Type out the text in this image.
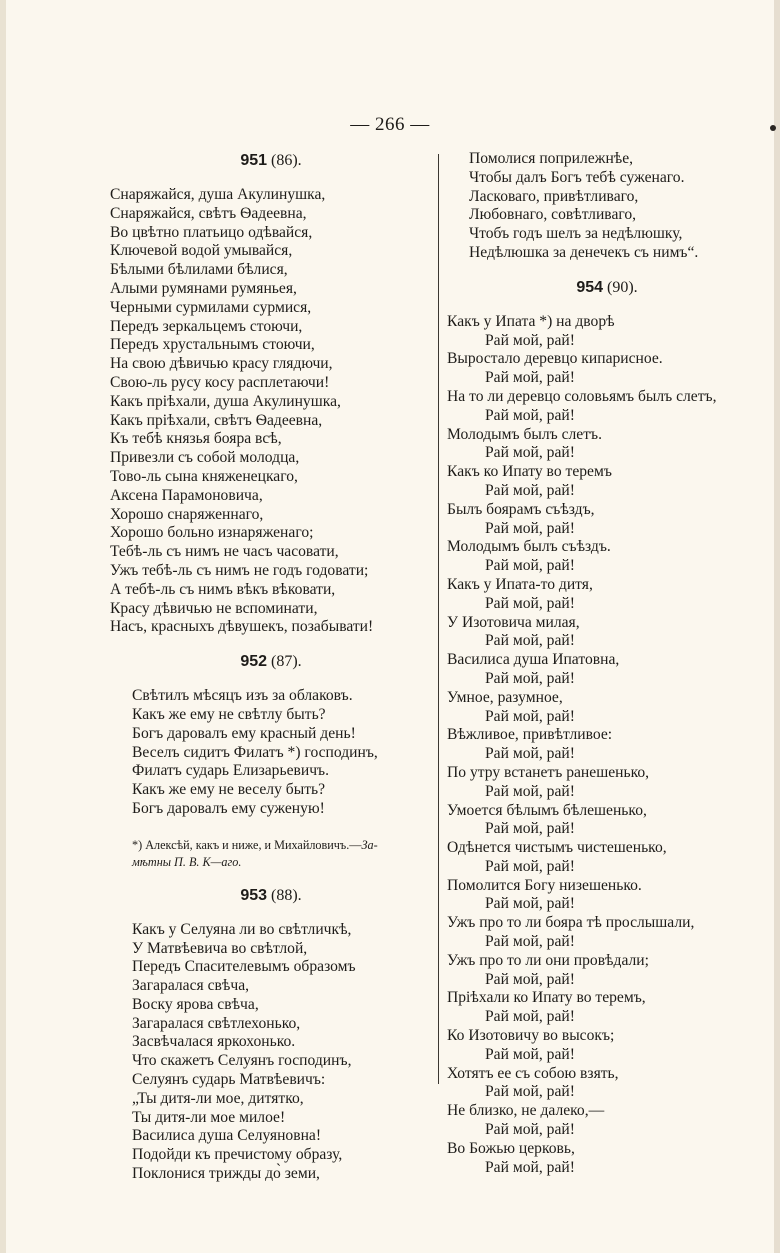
— 266 —
951 (86).
Снаряжайся, душа Акулинушка,
Снаряжайся, свѣтъ Ѳадеевна,
Во цвѣтно платьицо одѣвайся,
Ключевой водой умывайся,
Бѣлыми бѣлилами бѣлися,
Алыми румянами румяньея,
Черными сурмилами сурмися,
Передъ зеркальцемъ стоючи,
Передъ хрустальнымъ стоючи,
На свою дѣвичью красу глядючи,
Свою-ль русу косу расплетаючи!
Какъ пріѣхали, душа Акулинушка,
Какъ пріѣхали, свѣтъ Ѳадеевна,
Къ тебѣ князья бояра всѣ,
Привезли съ собой молодца,
Тово-ль сына княженецкаго,
Аксена Парамоновича,
Хорошо снаряженнаго,
Хорошо больно изнаряженаго;
Тебѣ-ль съ нимъ не часъ часовати,
Ужъ тебѣ-ль съ нимъ не годъ годовати;
А тебѣ-ль съ нимъ вѣкъ вѣковати,
Красу дѣвичью не вспоминати,
Насъ, красныхъ дѣвушекъ, позабывати!
952 (87).
Свѣтилъ мѣсяцъ изъ за облаковъ.
Какъ же ему не свѣтлу быть?
Богъ даровалъ ему красный день!
Веселъ сидитъ Филатъ *) господинъ,
Филатъ сударь Елизарьевичъ.
Какъ же ему не веселу быть?
Богъ даровалъ ему суженую!
*) Алексѣй, какъ и ниже, и Михайловичъ.—За-
мѣтны П. В. К—аго.
953 (88).
Какъ у Селуяна ли во свѣтличкѣ,
У Матвѣевича во свѣтлой,
Передъ Спасителевымъ образомъ
Загаралася свѣча,
Воску ярова свѣча,
Загаралася свѣтлехонько,
Засвѣчалася яркохонько.
Что скажетъ Селуянъ господинъ,
Селуянъ сударь Матвѣевичъ:
„Ты дитя-ли мое, дитятко,
Ты дитя-ли мое милое!
Василиса душа Селуяновна!
Подойди къ пречистому образу,
Поклонися трижды до̀ земи,
Помолися поприлежнѣе,
Чтобы далъ Богъ тебѣ суженаго.
Ласковаго, привѣтливаго,
Любовнаго, совѣтливаго,
Чтобъ годъ шелъ за недѣлюшку,
Недѣлюшка за денечекъ съ нимъ“.
954 (90).
Какъ у Ипата *) на дворѣ
Рай мой, рай!
Выростало деревцо кипарисное.
Рай мой, рай!
На то ли деревцо соловьямъ былъ слетъ,
Рай мой, рай!
Молодымъ былъ слетъ.
Рай мой, рай!
Какъ ко Ипату во теремъ
Рай мой, рай!
Былъ боярамъ съѣздъ,
Рай мой, рай!
Молодымъ былъ съѣздъ.
Рай мой, рай!
Какъ у Ипата-то дитя,
Рай мой, рай!
У Изотовича милая,
Рай мой, рай!
Василиса душа Ипатовна,
Рай мой, рай!
Умное, разумное,
Рай мой, рай!
Вѣжливое, привѣтливое:
Рай мой, рай!
По утру встанетъ ранешенько,
Рай мой, рай!
Умоется бѣлымъ бѣлешенько,
Рай мой, рай!
Одѣнется чистымъ чистешенько,
Рай мой, рай!
Помолится Богу низешенько.
Рай мой, рай!
Ужъ про то ли бояра тѣ прослышали,
Рай мой, рай!
Ужъ про то ли они провѣдали;
Рай мой, рай!
Пріѣхали ко Ипату во теремъ,
Рай мой, рай!
Ко Изотовичу во высокъ;
Рай мой, рай!
Хотятъ ее съ собою взять,
Рай мой, рай!
Не близко, не далеко,—
Рай мой, рай!
Во Божью церковь,
Рай мой, рай!
